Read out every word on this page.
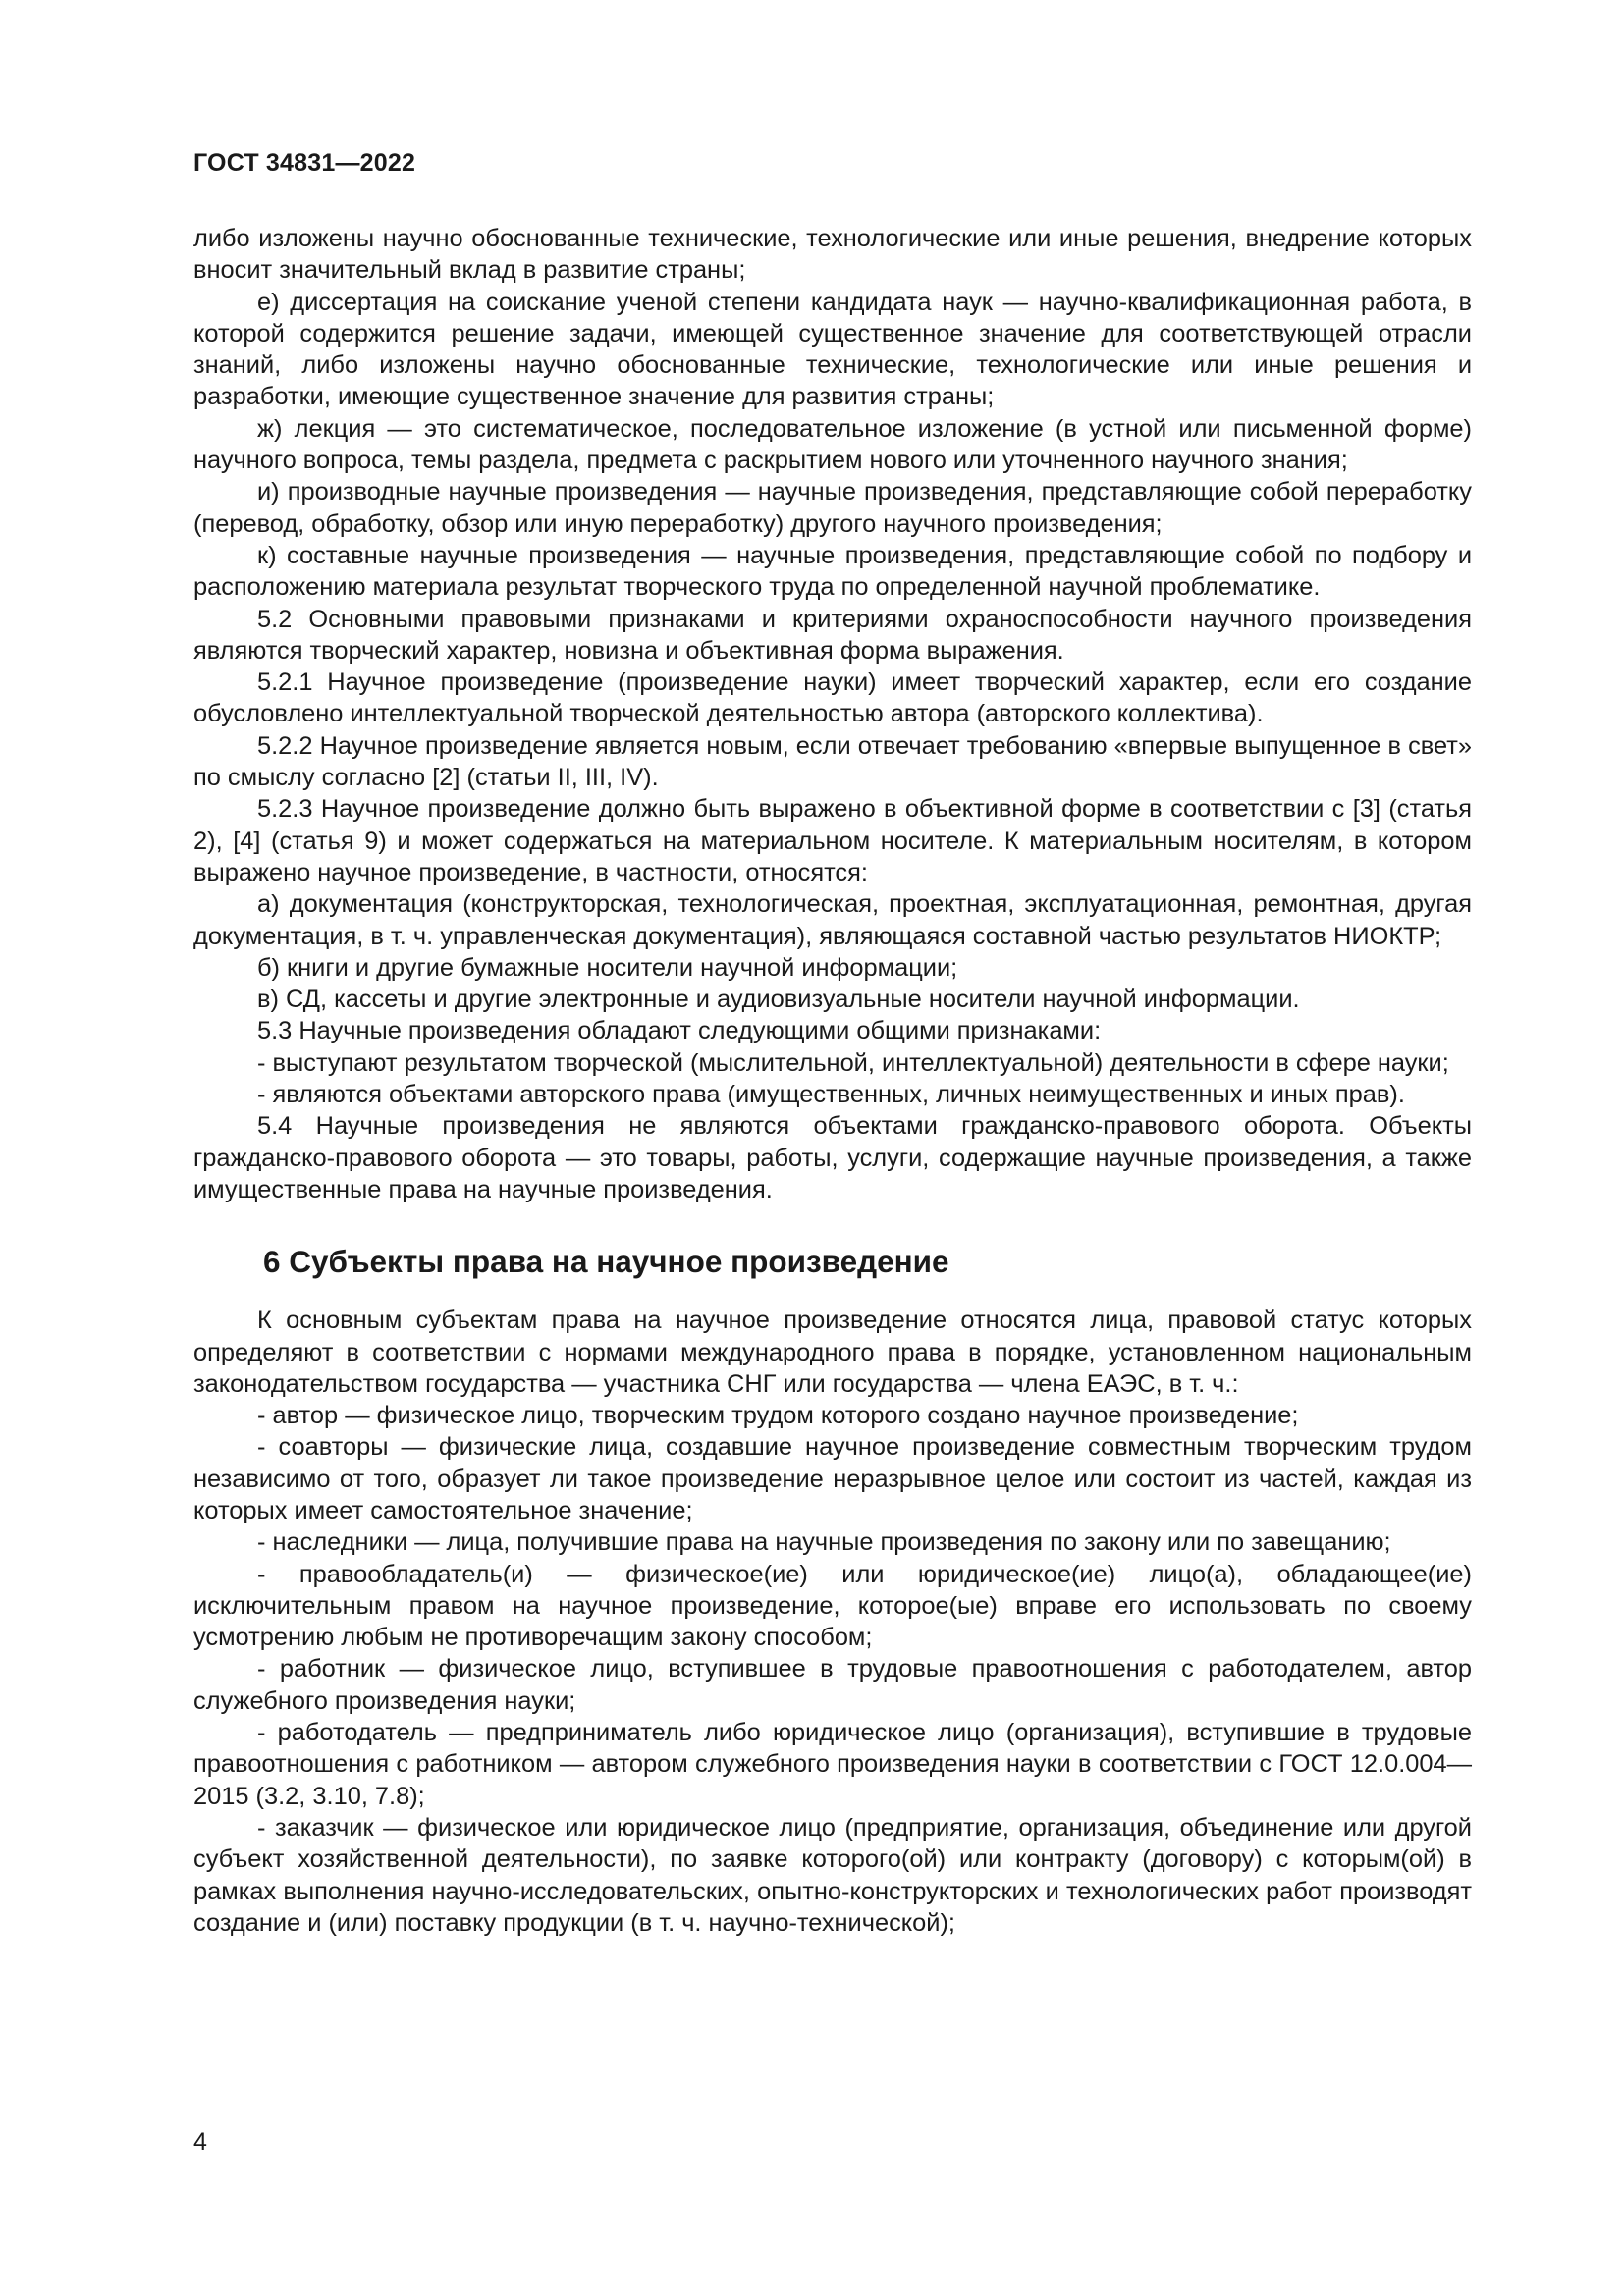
ГОСТ 34831—2022

либо изложены научно обоснованные технические, технологические или иные решения, внедрение которых вносит значительный вклад в развитие страны;

е) диссертация на соискание ученой степени кандидата наук — научно-квалификационная работа, в которой содержится решение задачи, имеющей существенное значение для соответствующей отрасли знаний, либо изложены научно обоснованные технические, технологические или иные решения и разработки, имеющие существенное значение для развития страны;

ж) лекция — это систематическое, последовательное изложение (в устной или письменной форме) научного вопроса, темы раздела, предмета с раскрытием нового или уточненного научного знания;

и) производные научные произведения — научные произведения, представляющие собой переработку (перевод, обработку, обзор или иную переработку) другого научного произведения;

к) составные научные произведения — научные произведения, представляющие собой по подбору и расположению материала результат творческого труда по определенной научной проблематике.

5.2 Основными правовыми признаками и критериями охраноспособности научного произведения являются творческий характер, новизна и объективная форма выражения.

5.2.1 Научное произведение (произведение науки) имеет творческий характер, если его создание обусловлено интеллектуальной творческой деятельностью автора (авторского коллектива).

5.2.2 Научное произведение является новым, если отвечает требованию «впервые выпущенное в свет» по смыслу согласно [2] (статьи II, III, IV).

5.2.3 Научное произведение должно быть выражено в объективной форме в соответствии с [3] (статья 2), [4] (статья 9) и может содержаться на материальном носителе. К материальным носителям, в котором выражено научное произведение, в частности, относятся:

а) документация (конструкторская, технологическая, проектная, эксплуатационная, ремонтная, другая документация, в т. ч. управленческая документация), являющаяся составной частью результатов НИОКТР;

б) книги и другие бумажные носители научной информации;

в) СД, кассеты и другие электронные и аудиовизуальные носители научной информации.

5.3 Научные произведения обладают следующими общими признаками:

- выступают результатом творческой (мыслительной, интеллектуальной) деятельности в сфере науки;

- являются объектами авторского права (имущественных, личных неимущественных и иных прав).

5.4 Научные произведения не являются объектами гражданско-правового оборота. Объекты гражданско-правового оборота — это товары, работы, услуги, содержащие научные произведения, а также имущественные права на научные произведения.

6 Субъекты права на научное произведение

К основным субъектам права на научное произведение относятся лица, правовой статус которых определяют в соответствии с нормами международного права в порядке, установленном национальным законодательством государства — участника СНГ или государства — члена ЕАЭС, в т. ч.:

- автор — физическое лицо, творческим трудом которого создано научное произведение;

- соавторы — физические лица, создавшие научное произведение совместным творческим трудом независимо от того, образует ли такое произведение неразрывное целое или состоит из частей, каждая из которых имеет самостоятельное значение;

- наследники — лица, получившие права на научные произведения по закону или по завещанию;

- правообладатель(и) — физическое(ие) или юридическое(ие) лицо(а), обладающее(ие) исключительным правом на научное произведение, которое(ые) вправе его использовать по своему усмотрению любым не противоречащим закону способом;

- работник — физическое лицо, вступившее в трудовые правоотношения с работодателем, автор служебного произведения науки;

- работодатель — предприниматель либо юридическое лицо (организация), вступившие в трудовые правоотношения с работником — автором служебного произведения науки в соответствии с ГОСТ 12.0.004—2015 (3.2, 3.10, 7.8);

- заказчик — физическое или юридическое лицо (предприятие, организация, объединение или другой субъект хозяйственной деятельности), по заявке которого(ой) или контракту (договору) с которым(ой) в рамках выполнения научно-исследовательских, опытно-конструкторских и технологических работ производят создание и (или) поставку продукции (в т. ч. научно-технической);

4
